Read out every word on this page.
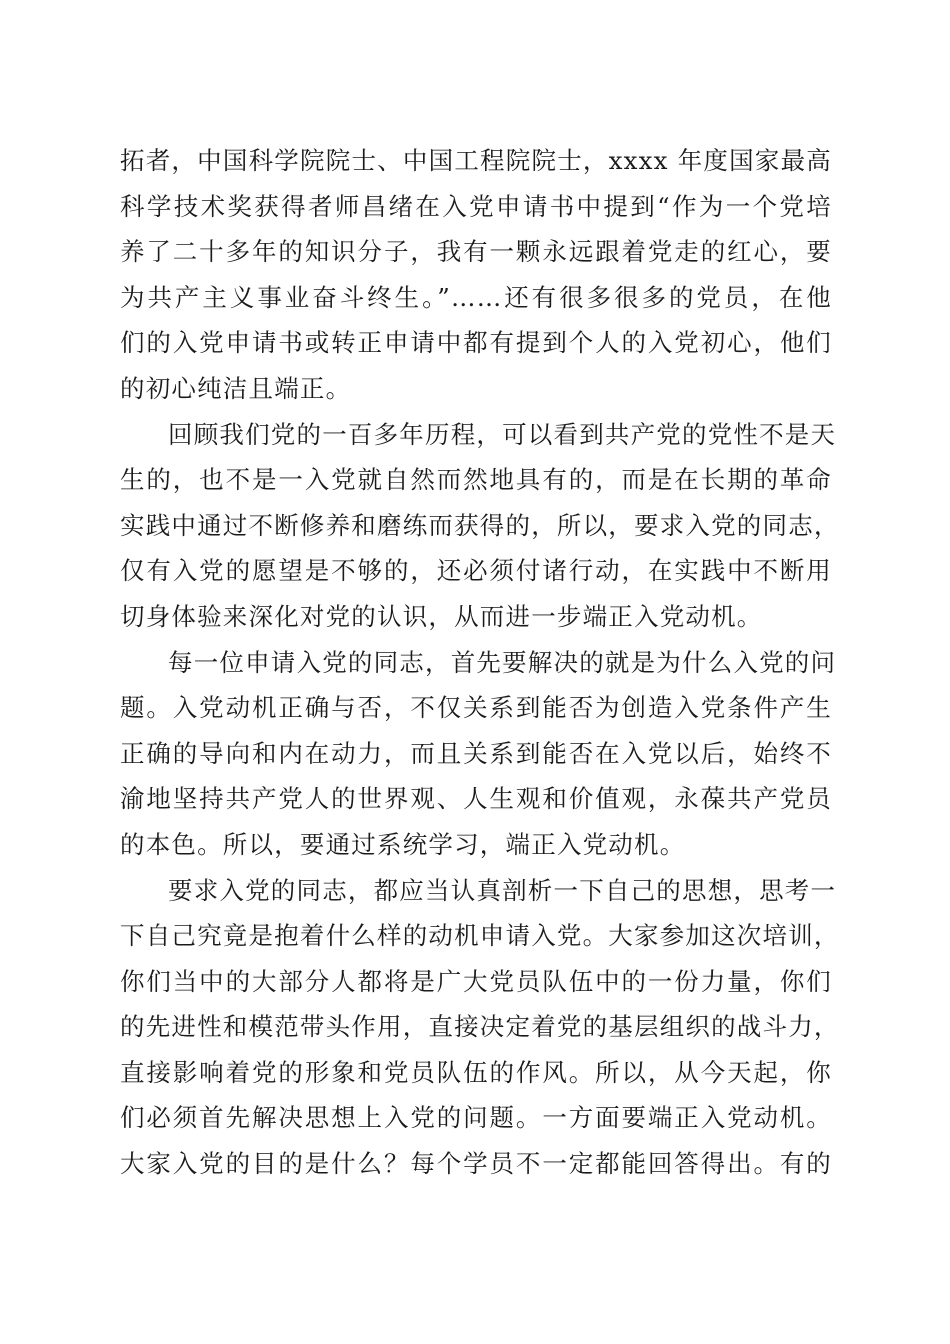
拓者，中国科学院院士、中国工程院院士，xxxx 年度国家最高
科学技术奖获得者师昌绪在入党申请书中提到“作为一个党培
养了二十多年的知识分子，我有一颗永远跟着党走的红心，要
为共产主义事业奋斗终生。”……还有很多很多的党员，在他
们的入党申请书或转正申请中都有提到个人的入党初心，他们
的初心纯洁且端正。
回顾我们党的一百多年历程，可以看到共产党的党性不是天
生的，也不是一入党就自然而然地具有的，而是在长期的革命
实践中通过不断修养和磨练而获得的，所以，要求入党的同志，
仅有入党的愿望是不够的，还必须付诸行动，在实践中不断用
切身体验来深化对党的认识，从而进一步端正入党动机。
每一位申请入党的同志，首先要解决的就是为什么入党的问
题。入党动机正确与否，不仅关系到能否为创造入党条件产生
正确的导向和内在动力，而且关系到能否在入党以后，始终不
渝地坚持共产党人的世界观、人生观和价值观，永葆共产党员
的本色。所以，要通过系统学习，端正入党动机。
要求入党的同志，都应当认真剖析一下自己的思想，思考一
下自己究竟是抱着什么样的动机申请入党。大家参加这次培训，
你们当中的大部分人都将是广大党员队伍中的一份力量，你们
的先进性和模范带头作用，直接决定着党的基层组织的战斗力，
直接影响着党的形象和党员队伍的作风。所以，从今天起，你
们必须首先解决思想上入党的问题。一方面要端正入党动机。
大家入党的目的是什么？每个学员不一定都能回答得出。有的
